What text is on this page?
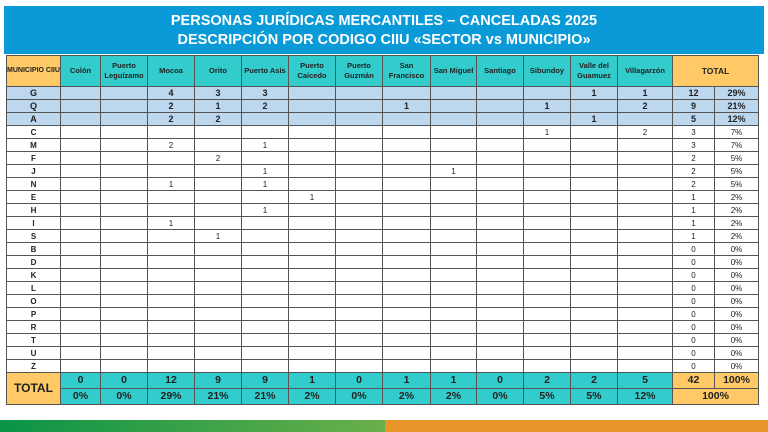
PERSONAS JURÍDICAS MERCANTILES – CANCELADAS 2025
DESCRIPCIÓN POR CODIGO CIIU «SECTOR vs MUNICIPIO»
MUNICIPIO CIIU	Colón	Puerto Leguízamo	Mocoa	Orito	Puerto Asís	Puerto Caicedo	Puerto Guzmán	San Francisco	San Miguel	Santiago	Sibundoy	Valle del Guamuez	Villagarzón	TOTAL	
G			4	3	3							1	1	12	29%
Q			2	1	2			1			1		2	9	21%
A			2	2								1		5	12%
C											1		2	3	7%
M			2		1									3	7%
F				2										2	5%
J					1				1					2	5%
N			1		1									2	5%
E						1								1	2%
H					1									1	2%
I			1											1	2%
S				1										1	2%
B														0	0%
D														0	0%
K														0	0%
L														0	0%
O														0	0%
P														0	0%
R														0	0%
T														0	0%
U														0	0%
Z														0	0%
TOTAL	0	0	12	9	9	1	0	1	1	0	2	2	5	42	100%
	0%	0%	29%	21%	21%	2%	0%	2%	2%	0%	5%	5%	12%	100%	
